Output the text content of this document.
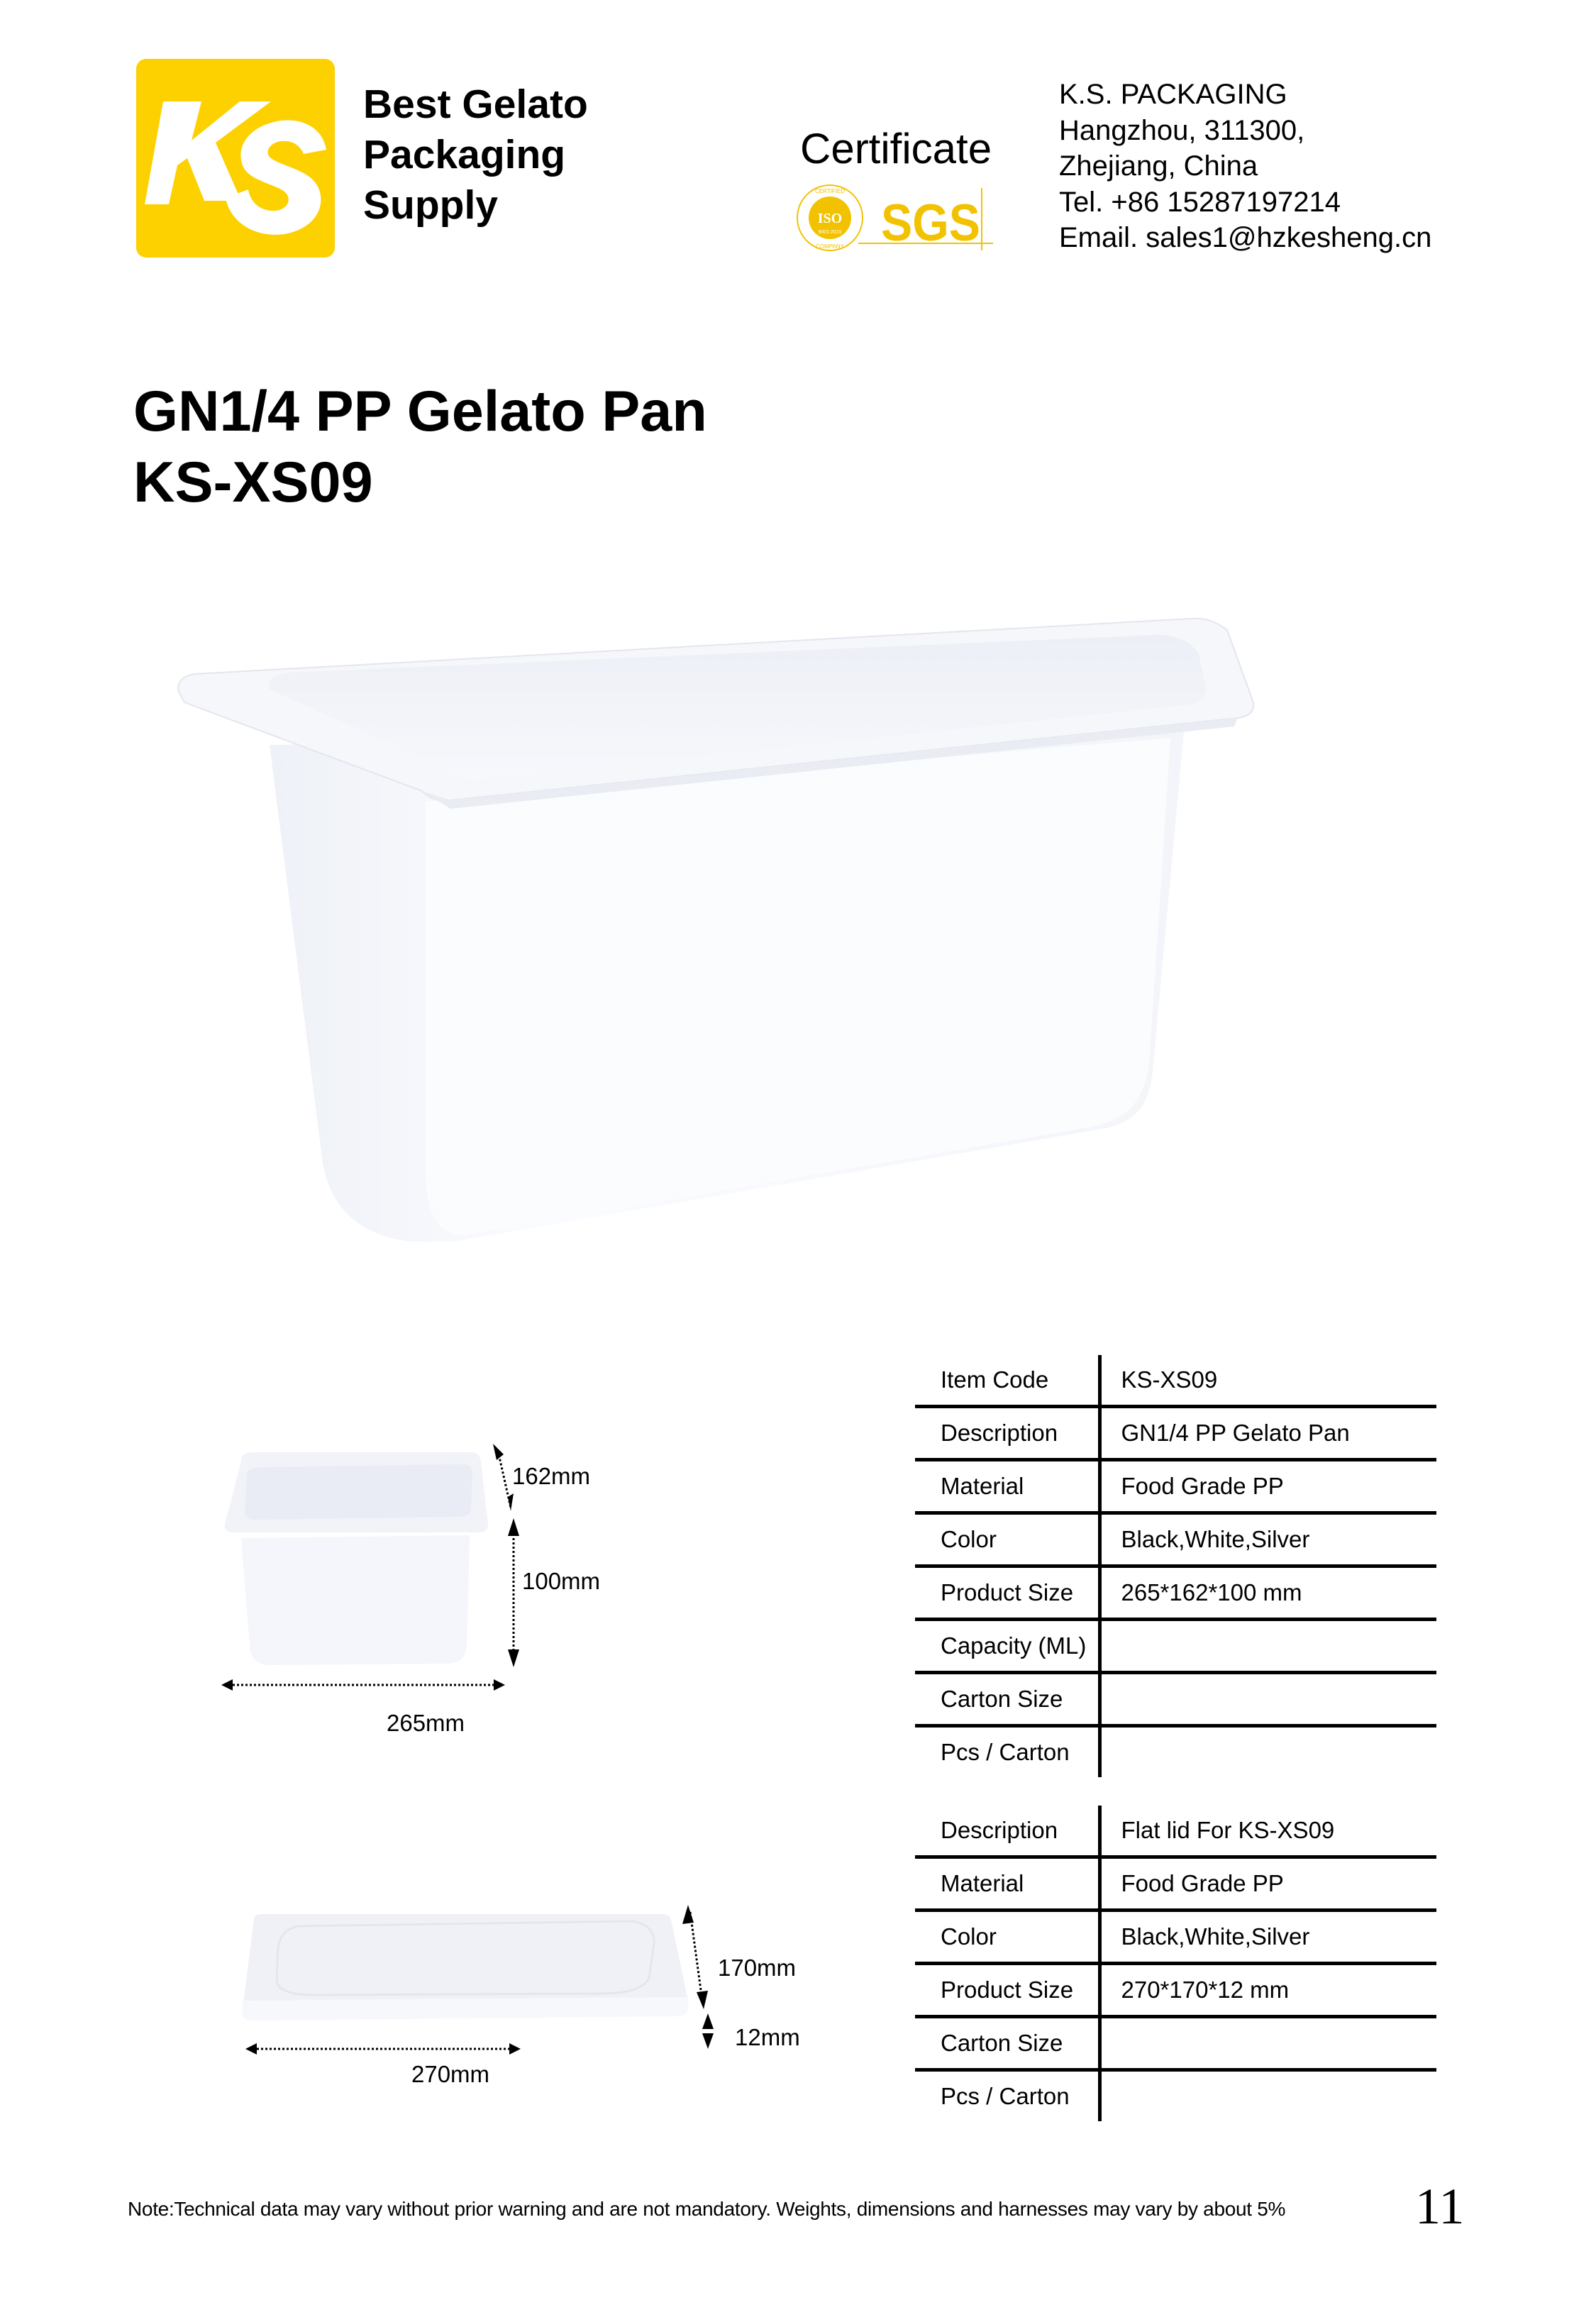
Best Gelato
Packaging
Supply
Certificate
ISO
9001:2015
CERTIFIED
COMPANY SGS
K.S. PACKAGING
Hangzhou, 311300,
Zhejiang, China
Tel. +86 15287197214
Email. sales1@hzkesheng.cn
GN1/4 PP Gelato Pan
KS-XS09
162mm
100mm
265mm
Item Code	KS-XS09
Description	GN1/4 PP Gelato Pan
Material	Food Grade PP
Color	Black,White,Silver
Product Size	265*162*100 mm
Capacity (ML)	
Carton Size	
Pcs / Carton	
170mm
12mm
270mm
Description	Flat lid For KS-XS09
Material	Food Grade PP
Color	Black,White,Silver
Product Size	270*170*12 mm
Carton Size	
Pcs / Carton	
Note:Technical data may vary without prior warning and are not mandatory. Weights, dimensions and harnesses may vary by about 5%	11
